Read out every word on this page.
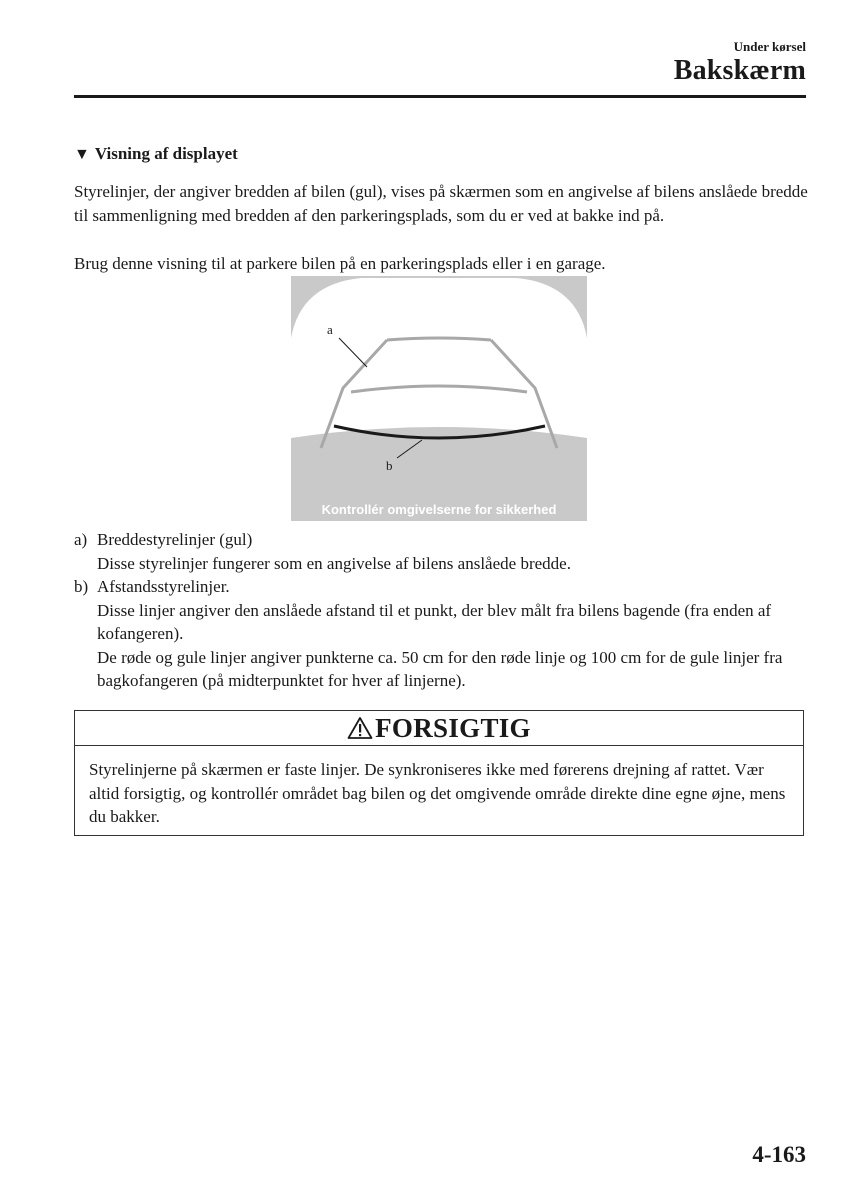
Under kørsel
Bakskærm
▼ Visning af displayet

Styrelinjer, der angiver bredden af bilen (gul), vises på skærmen som en angivelse af bilens anslåede bredde til sammenligning med bredden af den parkeringsplads, som du er ved at bakke ind på.

Brug denne visning til at parkere bilen på en parkeringsplads eller i en garage.

a
b
Kontrollér omgivelserne for sikkerhed
a) Breddestyrelinjer (gul)
Disse styrelinjer fungerer som en angivelse af bilens anslåede bredde.
b) Afstandsstyrelinjer.
Disse linjer angiver den anslåede afstand til et punkt, der blev målt fra bilens bagende (fra enden af kofangeren).
De røde og gule linjer angiver punkterne ca. 50 cm for den røde linje og 100 cm for de gule linjer fra bagkofangeren (på midterpunktet for hver af linjerne).
FORSIGTIG

Styrelinjerne på skærmen er faste linjer. De synkroniseres ikke med førerens drejning af rattet. Vær altid forsigtig, og kontrollér området bag bilen og det omgivende område direkte dine egne øjne, mens du bakker.

4-163
